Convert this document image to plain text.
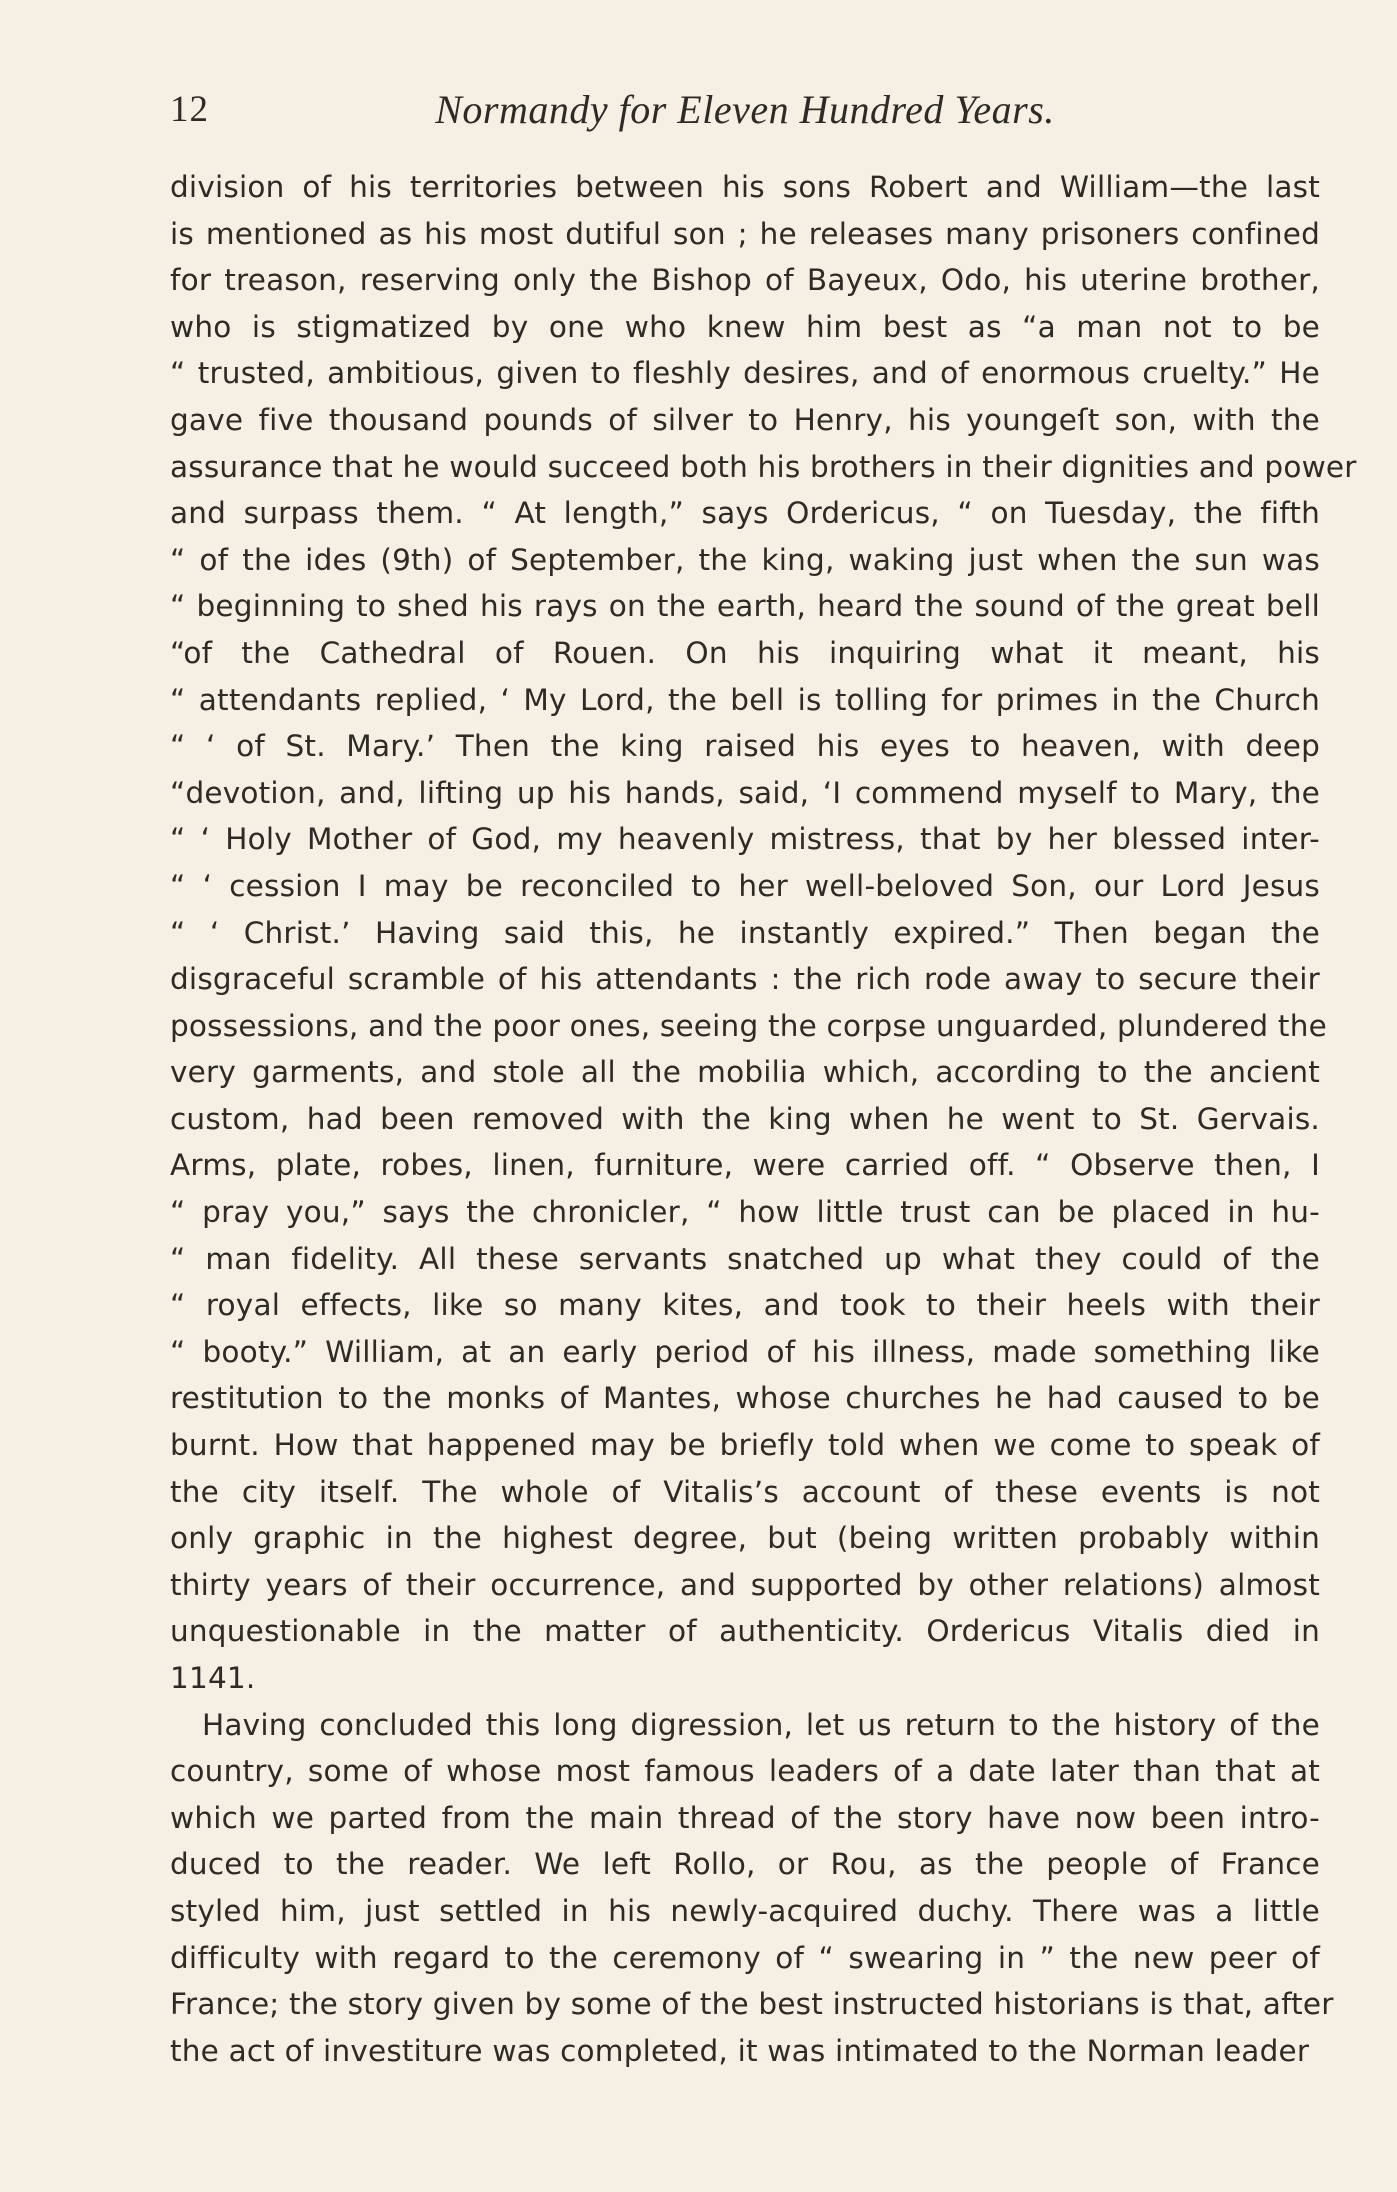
12	Normandy for Eleven Hundred Years.
division of his territories between his sons Robert and William—the last
is mentioned as his most dutiful son ; he releases many prisoners confined
for treason, reserving only the Bishop of Bayeux, Odo, his uterine brother,
who is stigmatized by one who knew him best as “a man not to be
“ trusted, ambitious, given to fleshly desires, and of enormous cruelty.” He
gave five thousand pounds of silver to Henry, his youngeſt son, with the
assurance that he would succeed both his brothers in their dignities and power
and surpass them. “ At length,” says Ordericus, “ on Tuesday, the fifth
“ of the ides (9th) of September, the king, waking just when the sun was
“ beginning to shed his rays on the earth, heard the sound of the great bell
“of the Cathedral of Rouen. On his inquiring what it meant, his
“ attendants replied, ‘ My Lord, the bell is tolling for primes in the Church
“ ‘ of St. Mary.’ Then the king raised his eyes to heaven, with deep
“devotion, and, lifting up his hands, said, ‘I commend myself to Mary, the
“ ‘ Holy Mother of God, my heavenly mistress, that by her blessed inter-
“ ‘ cession I may be reconciled to her well-beloved Son, our Lord Jesus
“ ‘ Christ.’ Having said this, he instantly expired.” Then began the
disgraceful scramble of his attendants : the rich rode away to secure their
possessions, and the poor ones, seeing the corpse unguarded, plundered the
very garments, and stole all the mobilia which, according to the ancient
custom, had been removed with the king when he went to St. Gervais.
Arms, plate, robes, linen, furniture, were carried off. “ Observe then, I
“ pray you,” says the chronicler, “ how little trust can be placed in hu-
“ man fidelity. All these servants snatched up what they could of the
“ royal effects, like so many kites, and took to their heels with their
“ booty.” William, at an early period of his illness, made something like
restitution to the monks of Mantes, whose churches he had caused to be
burnt. How that happened may be briefly told when we come to speak of
the city itself. The whole of Vitalis’s account of these events is not
only graphic in the highest degree, but (being written probably within
thirty years of their occurrence, and supported by other relations) almost
unquestionable in the matter of authenticity. Ordericus Vitalis died in
1141.
Having concluded this long digression, let us return to the history of the
country, some of whose most famous leaders of a date later than that at
which we parted from the main thread of the story have now been intro-
duced to the reader. We left Rollo, or Rou, as the people of France
styled him, just settled in his newly-acquired duchy. There was a little
difficulty with regard to the ceremony of “ swearing in ” the new peer of
France; the story given by some of the best instructed historians is that, after
the act of investiture was completed, it was intimated to the Norman leader
